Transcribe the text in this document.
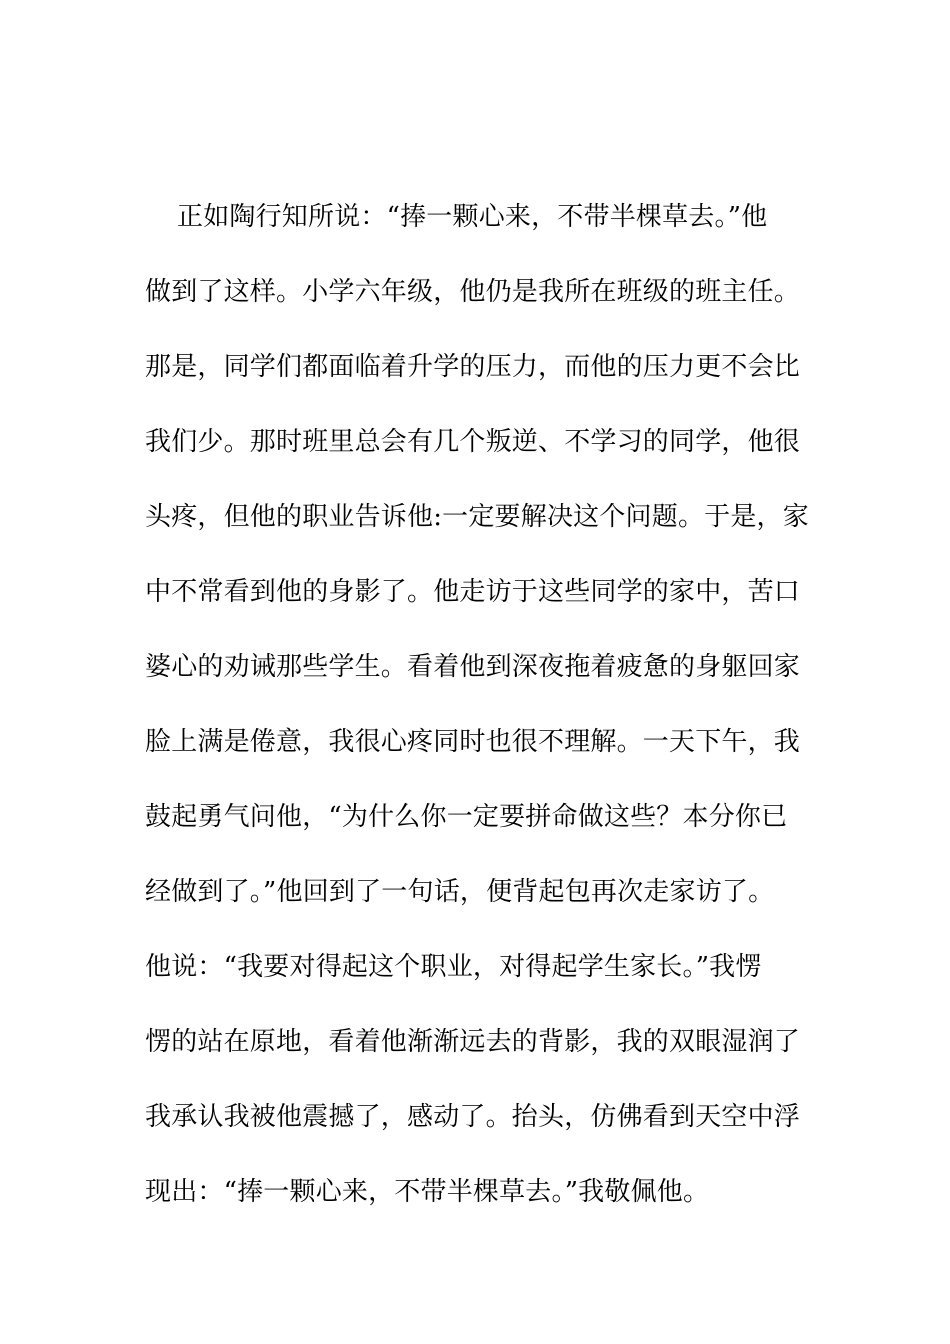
正如陶行知所说：“捧一颗心来，不带半棵草去。”他
做到了这样。小学六年级，他仍是我所在班级的班主任。
那是，同学们都面临着升学的压力，而他的压力更不会比
我们少。那时班里总会有几个叛逆、不学习的同学，他很
头疼，但他的职业告诉他:一定要解决这个问题。于是，家
中不常看到他的身影了。他走访于这些同学的家中，苦口
婆心的劝诫那些学生。看着他到深夜拖着疲惫的身躯回家
脸上满是倦意，我很心疼同时也很不理解。一天下午，我
鼓起勇气问他，“为什么你一定要拼命做这些？本分你已
经做到了。”他回到了一句话，便背起包再次走家访了。
他说：“我要对得起这个职业，对得起学生家长。”我愣
愣的站在原地，看着他渐渐远去的背影，我的双眼湿润了
我承认我被他震撼了，感动了。抬头，仿佛看到天空中浮
现出：“捧一颗心来，不带半棵草去。”我敬佩他。
